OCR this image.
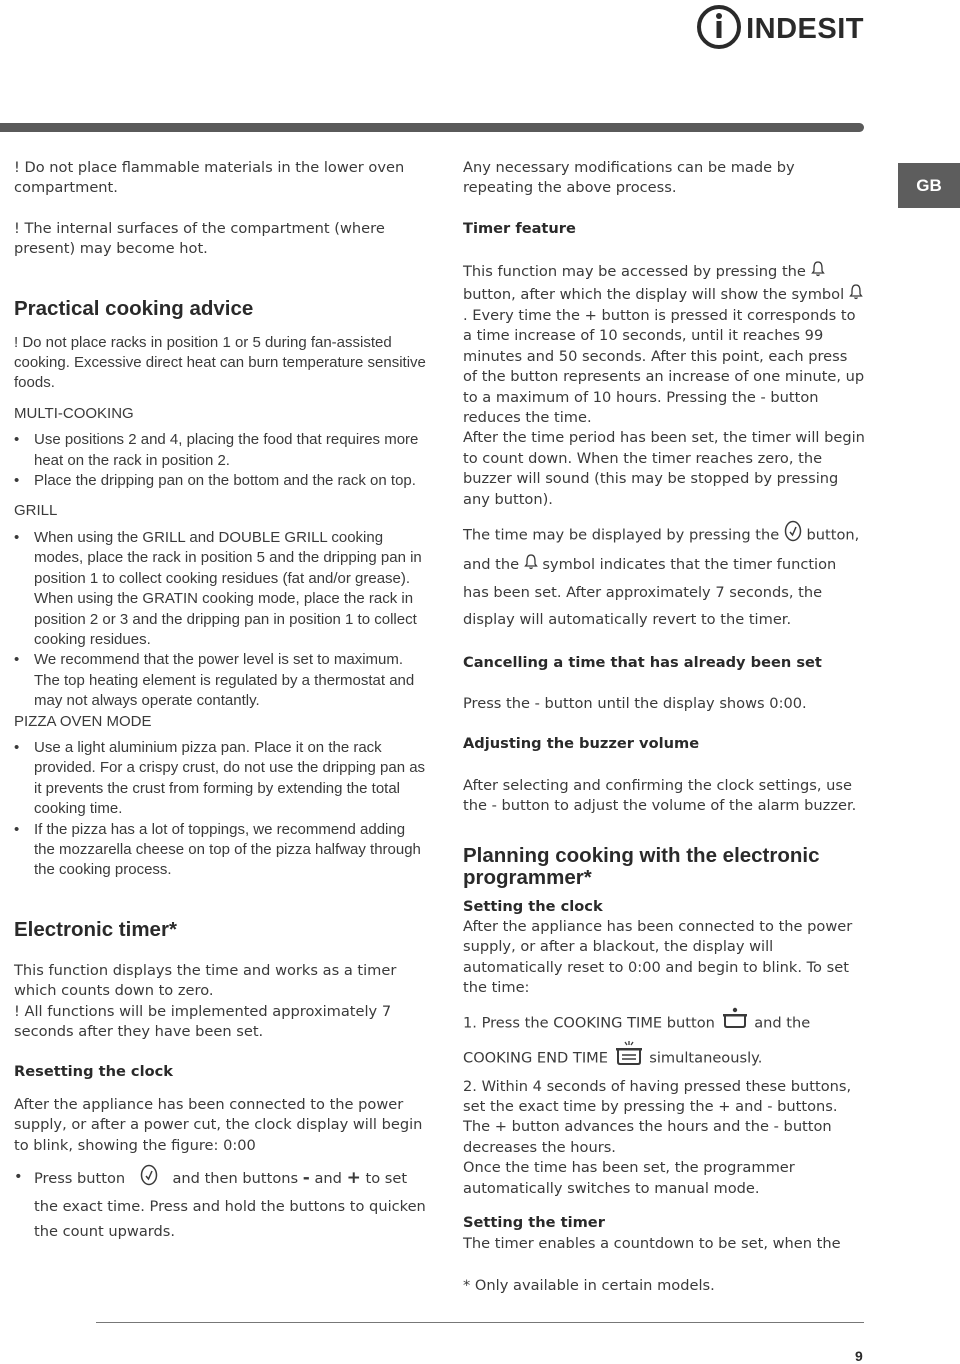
INDESIT
GB

! Do not place flammable materials in the lower oven compartment.

! The internal surfaces of the compartment (where present) may become hot.

Practical cooking advice

! Do not place racks in position 1 or 5 during fan-assisted cooking. Excessive direct heat can burn temperature sensitive foods.

MULTI-COOKING

• Use positions 2 and 4, placing the food that requires more heat on the rack in position 2.
• Place the dripping pan on the bottom and the rack on top.

GRILL

• When using the GRILL and DOUBLE GRILL cooking modes, place the rack in position 5 and the dripping pan in position 1 to collect cooking residues (fat and/or grease). When using the GRATIN cooking mode, place the rack in position 2 or 3 and the dripping pan in position 1 to collect cooking residues.
• We recommend that the power level is set to maximum. The top heating element is regulated by a thermostat and may not always operate contantly.

PIZZA OVEN MODE

• Use a light aluminium pizza pan. Place it on the rack provided. For a crispy crust, do not use the dripping pan as it prevents the crust from forming by extending the total cooking time.
• If the pizza has a lot of toppings, we recommend adding the mozzarella cheese on top of the pizza halfway through the cooking process.
Electronic timer*

This function displays the time and works as a timer which counts down to zero.

! All functions will be implemented approximately 7 seconds after they have been set.

Resetting the clock

After the appliance has been connected to the power supply, or after a power cut, the clock display will begin to blink, showing the figure: 0:00

• Press button	and then buttons - and + to set the exact time. Press and hold the buttons to quicken the count upwards.

Any necessary modifications can be made by repeating the above process.

Timer feature

This function may be accessed by pressing the  button, after which the display will show the symbol . Every time the + button is pressed it corresponds to a time increase of 10 seconds, until it reaches 99 minutes and 50 seconds. After this point, each press of the button represents an increase of one minute, up to a maximum of 10 hours. Pressing the - button reduces the time.

After the time period has been set, the timer will begin to count down. When the timer reaches zero, the buzzer will sound (this may be stopped by pressing any button).

The time may be displayed by pressing the button, and the symbol indicates that the timer function has been set. After approximately 7 seconds, the display will automatically revert to the timer.

Cancelling a time that has already been set

Press the - button until the display shows 0:00.

Adjusting the buzzer volume

After selecting and confirming the clock settings, use the - button to adjust the volume of the alarm buzzer.

Planning cooking with the electronic programmer*
Setting the clock

After the appliance has been connected to the power supply, or after a blackout, the display will automatically reset to 0:00 and begin to blink. To set the time:

1. Press the COOKING TIME button	and the
COOKING END TIME	simultaneously.

2. Within 4 seconds of having pressed these buttons, set the exact time by pressing the + and - buttons. The + button advances the hours and the - button decreases the hours.

Once the time has been set, the programmer automatically switches to manual mode.

Setting the timer

The timer enables a countdown to be set, when the

* Only available in certain models.

9
